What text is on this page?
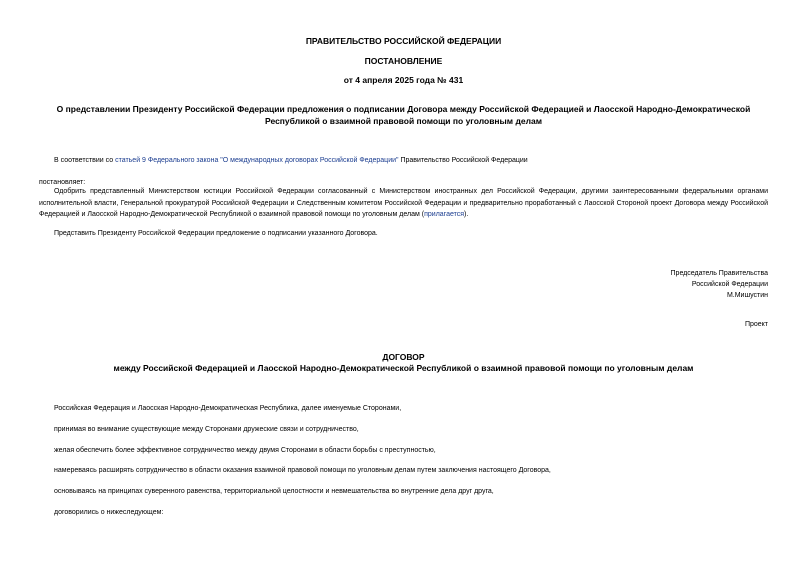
ПРАВИТЕЛЬСТВО РОССИЙСКОЙ ФЕДЕРАЦИИ
ПОСТАНОВЛЕНИЕ
от 4 апреля 2025 года № 431
О представлении Президенту Российской Федерации предложения о подписании Договора между Российской Федерацией и Лаосской Народно-Демократической
Республикой о взаимной правовой помощи по уголовным делам
В соответствии со статьей 9 Федерального закона "О международных договорах Российской Федерации" Правительство Российской Федерации
постановляет:
Одобрить представленный Министерством юстиции Российской Федерации согласованный с Министерством иностранных дел Российской Федерации, другими заинтересованными федеральными органами исполнительной власти, Генеральной прокуратурой Российской Федерации и Следственным комитетом Российской Федерации и предварительно проработанный с Лаосской Стороной проект Договора между Российской Федерацией и Лаосской Народно-Демократической Республикой о взаимной правовой помощи по уголовным делам (прилагается).
Представить Президенту Российской Федерации предложение о подписании указанного Договора.
Председатель Правительства
Российской Федерации
М.Мишустин
Проект
ДОГОВОР
между Российской Федерацией и Лаосской Народно-Демократической Республикой о взаимной правовой помощи по уголовным делам
Российская Федерация и Лаосская Народно-Демократическая Республика, далее именуемые Сторонами,
принимая во внимание существующие между Сторонами дружеские связи и сотрудничество,
желая обеспечить более эффективное сотрудничество между двумя Сторонами в области борьбы с преступностью,
намереваясь расширять сотрудничество в области оказания взаимной правовой помощи по уголовным делам путем заключения настоящего Договора,
основываясь на принципах суверенного равенства, территориальной целостности и невмешательства во внутренние дела друг друга,
договорились о нижеследующем:
